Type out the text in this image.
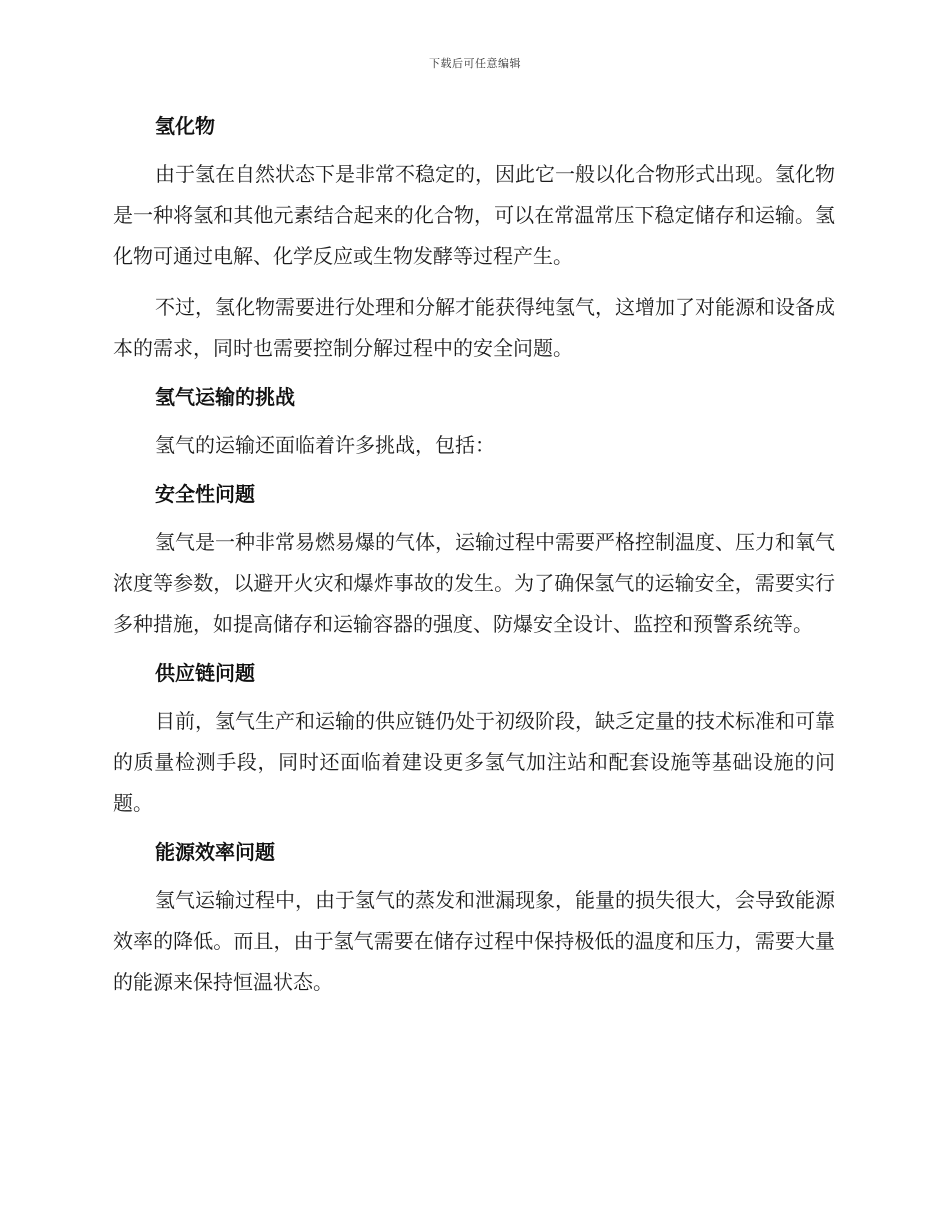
下载后可任意编辑
氢化物

由于氢在自然状态下是非常不稳定的，因此它一般以化合物形式出现。氢化物是一种将氢和其他元素结合起来的化合物，可以在常温常压下稳定储存和运输。氢化物可通过电解、化学反应或生物发酵等过程产生。

不过，氢化物需要进行处理和分解才能获得纯氢气，这增加了对能源和设备成本的需求，同时也需要控制分解过程中的安全问题。

氢气运输的挑战

氢气的运输还面临着许多挑战，包括：

安全性问题

氢气是一种非常易燃易爆的气体，运输过程中需要严格控制温度、压力和氧气浓度等参数，以避开火灾和爆炸事故的发生。为了确保氢气的运输安全，需要实行多种措施，如提高储存和运输容器的强度、防爆安全设计、监控和预警系统等。

供应链问题

目前，氢气生产和运输的供应链仍处于初级阶段，缺乏定量的技术标准和可靠的质量检测手段，同时还面临着建设更多氢气加注站和配套设施等基础设施的问题。

能源效率问题

氢气运输过程中，由于氢气的蒸发和泄漏现象，能量的损失很大，会导致能源效率的降低。而且，由于氢气需要在储存过程中保持极低的温度和压力，需要大量的能源来保持恒温状态。
